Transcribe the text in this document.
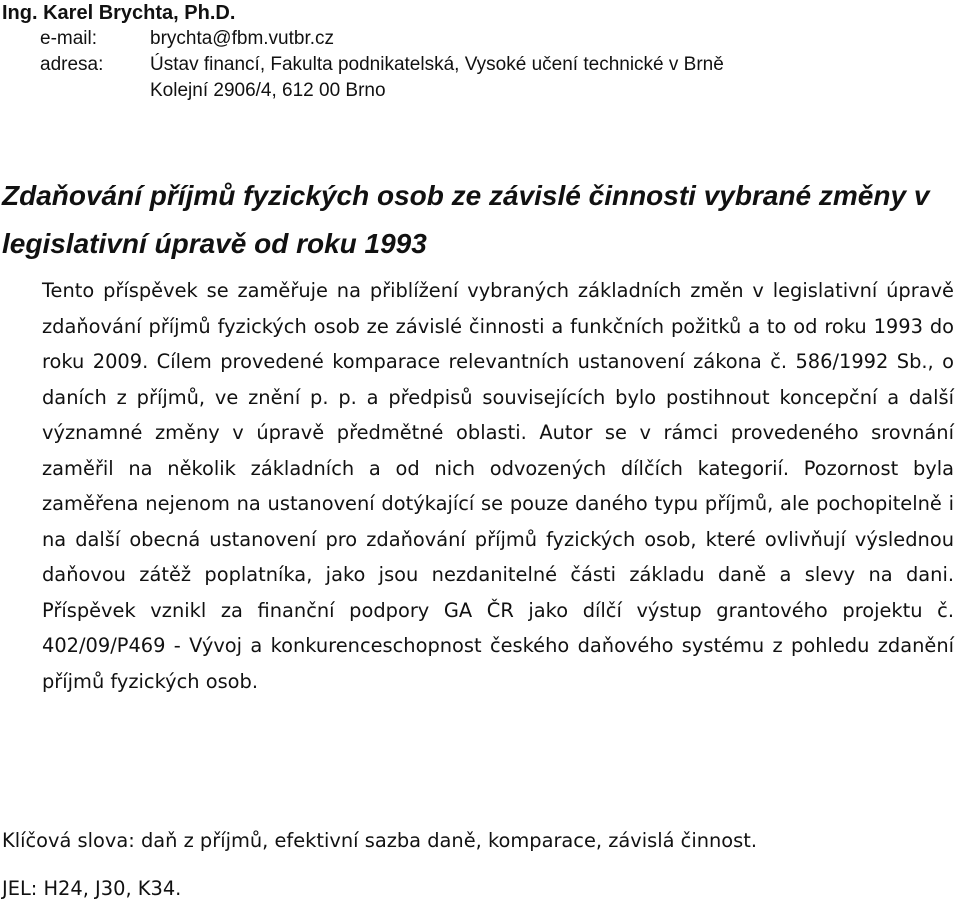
Ing. Karel Brychta, Ph.D.

e-mail:	brychta@fbm.vutbr.cz
adresa:	Ústav financí, Fakulta podnikatelská, Vysoké učení technické v Brně
Kolejní 2906/4, 612 00 Brno
Zdaňování příjmů fyzických osob ze závislé činnosti vybrané změny v legislativní úpravě od roku 1993

Tento příspěvek se zaměřuje na přiblížení vybraných základních změn v legislativní úpravě zdaňování příjmů fyzických osob ze závislé činnosti a funkčních požitků a to od roku 1993 do roku 2009. Cílem provedené komparace relevantních ustanovení zákona č. 586/1992 Sb., o daních z příjmů, ve znění p. p. a předpisů souvisejících bylo postihnout koncepční a další významné změny v úpravě předmětné oblasti. Autor se v rámci provedeného srovnání zaměřil na několik základních a od nich odvozených dílčích kategorií. Pozornost byla zaměřena nejenom na ustanovení dotýkající se pouze daného typu příjmů, ale pochopitelně i na další obecná ustanovení pro zdaňování příjmů fyzických osob, které ovlivňují výslednou daňovou zátěž poplatníka, jako jsou nezdanitelné části základu daně a slevy na dani. Příspěvek vznikl za finanční podpory GA ČR jako dílčí výstup grantového projektu č. 402/09/P469 - Vývoj a konkurenceschopnost českého daňového systému z pohledu zdanění příjmů fyzických osob.

Klíčová slova: daň z příjmů, efektivní sazba daně, komparace, závislá činnost.

JEL: H24, J30, K34.
